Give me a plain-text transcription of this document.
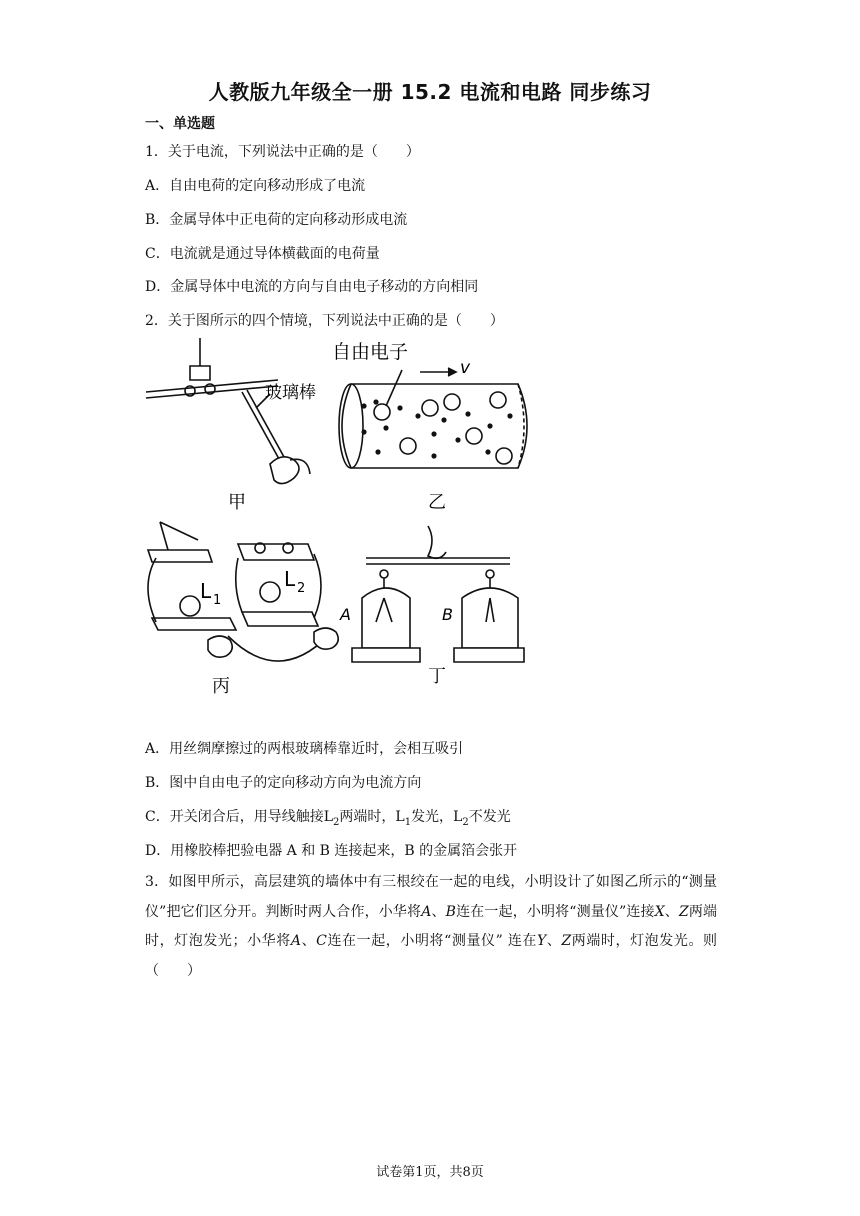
人教版九年级全一册 15.2 电流和电路 同步练习
一、单选题
1．关于电流，下列说法中正确的是（　　）
A．自由电荷的定向移动形成了电流
B．金属导体中正电荷的定向移动形成电流
C．电流就是通过导体横截面的电荷量
D．金属导体中电流的方向与自由电子移动的方向相同
2．关于图所示的四个情境，下列说法中正确的是（　　）
玻璃棒
自由电子
v
L 1
L 2
A	B
甲	乙
丙	丁
A．用丝绸摩擦过的两根玻璃棒靠近时，会相互吸引
B．图中自由电子的定向移动方向为电流方向
C．开关闭合后，用导线触接$L_2$两端时，$L_1$发光，$L_2$不发光
D．用橡胶棒把验电器 A 和 B 连接起来，B 的金属箔会张开
3．如图甲所示，高层建筑的墙体中有三根绞在一起的电线，小明设计了如图乙所示的“测量仪”把它们区分开。判断时两人合作，小华将A、B连在一起，小明将“测量仪”连接X、Z两端时，灯泡发光；小华将A、C连在一起，小明将“测量仪” 连在Y、Z两端时，灯泡发光。则（　　）
试卷第1页，共8页
